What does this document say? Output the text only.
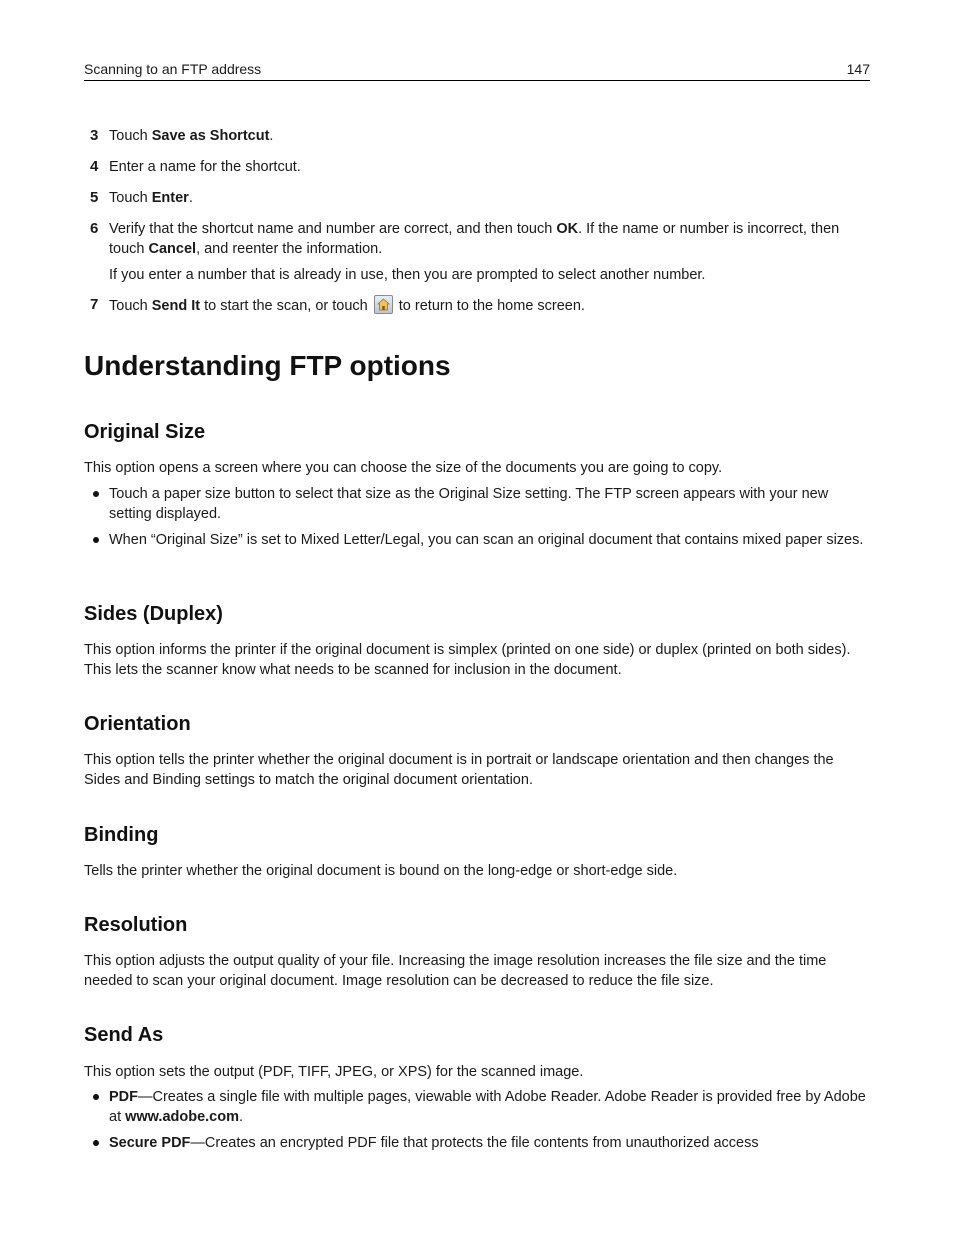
Scanning to an FTP address	147
3 Touch Save as Shortcut.
4 Enter a name for the shortcut.
5 Touch Enter.
6 Verify that the shortcut name and number are correct, and then touch OK. If the name or number is incorrect, then touch Cancel, and reenter the information.
If you enter a number that is already in use, then you are prompted to select another number.
7 Touch Send It to start the scan, or touch
to return to the home screen.
Understanding FTP options
Original Size
This option opens a screen where you can choose the size of the documents you are going to copy.
Touch a paper size button to select that size as the Original Size setting. The FTP screen appears with your new setting displayed.
When “Original Size” is set to Mixed Letter/Legal, you can scan an original document that contains mixed paper sizes.
Sides (Duplex)
This option informs the printer if the original document is simplex (printed on one side) or duplex (printed on both sides). This lets the scanner know what needs to be scanned for inclusion in the document.
Orientation
This option tells the printer whether the original document is in portrait or landscape orientation and then changes the Sides and Binding settings to match the original document orientation.
Binding
Tells the printer whether the original document is bound on the long‑edge or short‑edge side.
Resolution
This option adjusts the output quality of your file. Increasing the image resolution increases the file size and the time needed to scan your original document. Image resolution can be decreased to reduce the file size.
Send As
This option sets the output (PDF, TIFF, JPEG, or XPS) for the scanned image.
PDF—Creates a single file with multiple pages, viewable with Adobe Reader. Adobe Reader is provided free by Adobe at www.adobe.com.
Secure PDF—Creates an encrypted PDF file that protects the file contents from unauthorized access
